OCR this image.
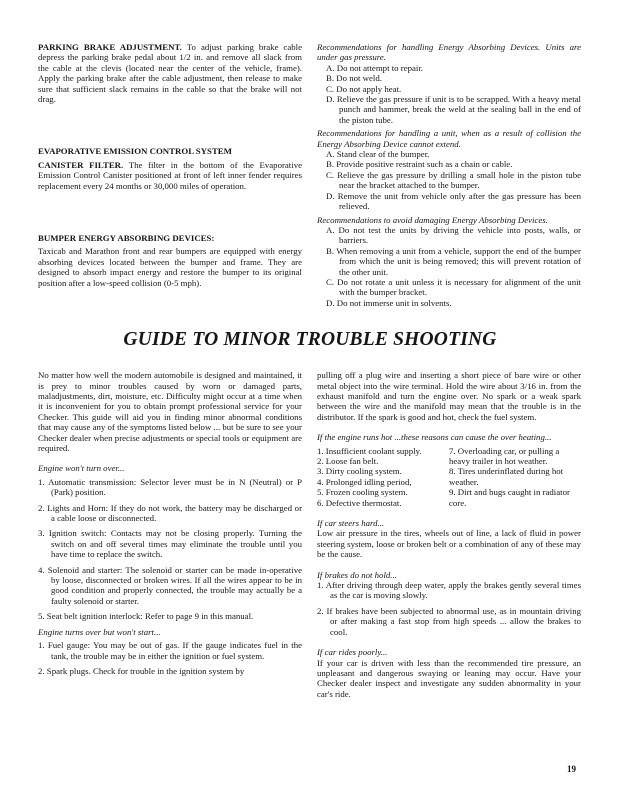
PARKING BRAKE ADJUSTMENT. To adjust parking brake cable depress the parking brake pedal about 1/2 in. and remove all slack from the cable at the clevis (located near the center of the vehicle, frame). Apply the parking brake after the cable adjustment, then release to make sure that sufficient slack remains in the cable so that the brake will not drag.

EVAPORATIVE EMISSION CONTROL SYSTEM

CANISTER FILTER. The filter in the bottom of the Evaporative Emission Control Canister positioned at front of left inner fender requires replacement every 24 months or 30,000 miles of operation.

BUMPER ENERGY ABSORBING DEVICES:

Taxicab and Marathon front and rear bumpers are equipped with energy absorbing devices located between the bumper and frame. They are designed to absorb impact energy and restore the bumper to its original position after a low-speed collision (0-5 mph).

Recommendations for handling Energy Absorbing Devices. Units are under gas pressure.
A. Do not attempt to repair.
B. Do not weld.
C. Do not apply heat.
D. Relieve the gas pressure if unit is to be scrapped. With a heavy metal punch and hammer, break the weld at the sealing ball in the end of the piston tube.
Recommendations for handling a unit, when as a result of collision the Energy Absorbing Device cannot extend.
A. Stand clear of the bumper.
B. Provide positive restraint such as a chain or cable.
C. Relieve the gas pressure by drilling a small hole in the piston tube near the bracket attached to the bumper.
D. Remove the unit from vehicle only after the gas pressure has been relieved.
Recommendations to avoid damaging Energy Absorbing Devices.
A. Do not test the units by driving the vehicle into posts, walls, or barriers.
B. When removing a unit from a vehicle, support the end of the bumper from which the unit is being removed; this will prevent rotation of the other unit.
C. Do not rotate a unit unless it is necessary for alignment of the unit with the bumper bracket.
D. Do not immerse unit in solvents.
GUIDE TO MINOR TROUBLE SHOOTING

No matter how well the modern automobile is designed and maintained, it is prey to minor troubles caused by worn or damaged parts, maladjustments, dirt, moisture, etc. Difficulty might occur at a time when it is inconvenient for you to obtain prompt professional service for your Checker. This guide will aid you in finding minor abnormal conditions that may cause any of the symptoms listed below ... but be sure to see your Checker dealer when precise adjustments or special tools or equipment are required.

Engine won't turn over...
1. Automatic transmission: Selector lever must be in N (Neutral) or P (Park) position.
2. Lights and Horn: If they do not work, the battery may be discharged or a cable loose or disconnected.
3. Ignition switch: Contacts may not be closing properly. Turning the switch on and off several times may eliminate the trouble until you have time to replace the switch.
4. Solenoid and starter: The solenoid or starter can be made in-operative by loose, disconnected or broken wires. If all the wires appear to be in good condition and properly connected, the trouble may actually be a faulty solenoid or starter.
5. Seat belt ignition interlock: Refer to page 9 in this manual.
Engine turns over but won't start...
1. Fuel gauge: You may be out of gas. If the gauge indicates fuel in the tank, the trouble may be in either the ignition or fuel system.
2. Spark plugs. Check for trouble in the ignition system by

pulling off a plug wire and inserting a short piece of bare wire or other metal object into the wire terminal. Hold the wire about 3/16 in. from the exhaust manifold and turn the engine over. No spark or a weak spark between the wire and the manifold may mean that the trouble is in the distributor. If the spark is good and hot, check the fuel system.

If the engine runs hot ...these reasons can cause the over heating...
1. Insufficient coolant supply.
2. Loose fan belt.
3. Dirty cooling system.
4. Prolonged idling period,
5. Frozen cooling system.
6. Defective thermostat.
7. Overloading car, or pulling a heavy trailer in hot weather.
8. Tires underinflated during hot weather.
9. Dirt and bugs caught in radiator core.
If car steers hard...

Low air pressure in the tires, wheels out of line, a lack of fluid in power steering system, loose or broken belt or a combination of any of these may be the cause.

If brakes do not hold...
1. After driving through deep water, apply the brakes gently several times as the car is moving slowly.
2. If brakes have been subjected to abnormal use, as in mountain driving or after making a fast stop from high speeds ... allow the brakes to cool.
If car rides poorly...

If your car is driven with less than the recommended tire pressure, an unpleasant and dangerous swaying or leaning may occur. Have your Checker dealer inspect and investigate any sudden abnormality in your car's ride.

19
